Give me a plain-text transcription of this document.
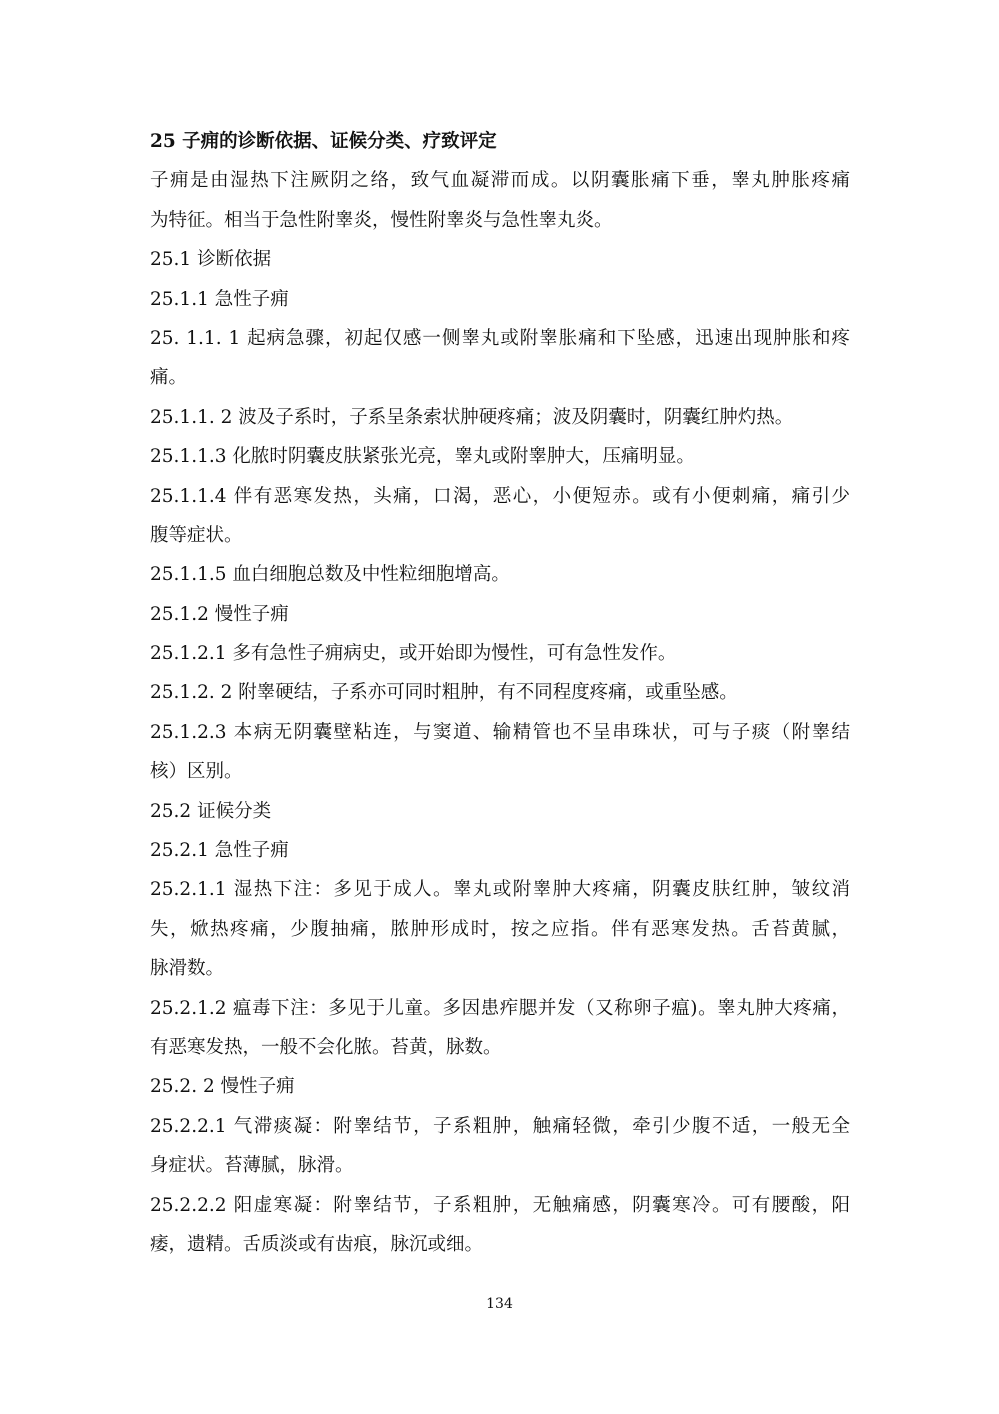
25 子痈的诊断依据、证候分类、疗致评定
子痈是由湿热下注厥阴之络，致气血凝滞而成。以阴囊胀痛下垂，睾丸肿胀疼痛
为特征。相当于急性附睾炎，慢性附睾炎与急性睾丸炎。
25.1 诊断依据
25.1.1 急性子痈
25. 1.1. 1 起病急骤，初起仅感一侧睾丸或附睾胀痛和下坠感，迅速出现肿胀和疼
痛。
25.1.1. 2 波及子系时，子系呈条索状肿硬疼痛；波及阴囊时，阴囊红肿灼热。
25.1.1.3 化脓时阴囊皮肤紧张光亮，睾丸或附睾肿大，压痛明显。
25.1.1.4 伴有恶寒发热，头痛，口渴，恶心，小便短赤。或有小便刺痛，痛引少
腹等症状。
25.1.1.5 血白细胞总数及中性粒细胞增高。
25.1.2 慢性子痈
25.1.2.1 多有急性子痈病史，或开始即为慢性，可有急性发作。
25.1.2. 2 附睾硬结，子系亦可同时粗肿，有不同程度疼痛，或重坠感。
25.1.2.3 本病无阴囊壁粘连，与窦道、输精管也不呈串珠状，可与子痰（附睾结
核）区别。
25.2 证候分类
25.2.1 急性子痈
25.2.1.1 湿热下注：多见于成人。睾丸或附睾肿大疼痛，阴囊皮肤红肿，皱纹消
失，焮热疼痛，少腹抽痛，脓肿形成时，按之应指。伴有恶寒发热。舌苔黄腻，
脉滑数。
25.2.1.2 瘟毒下注：多见于儿童。多因患痄腮并发（又称卵子瘟)。睾丸肿大疼痛，
有恶寒发热，一般不会化脓。苔黄，脉数。
25.2. 2 慢性子痈
25.2.2.1 气滞痰凝：附睾结节，子系粗肿，触痛轻微，牵引少腹不适，一般无全
身症状。苔薄腻，脉滑。
25.2.2.2 阳虚寒凝：附睾结节，子系粗肿，无触痛感，阴囊寒冷。可有腰酸，阳
痿，遗精。舌质淡或有齿痕，脉沉或细。
134
